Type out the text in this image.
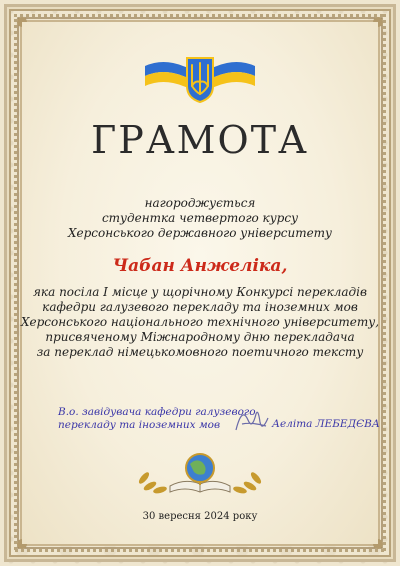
ГРАМОТА
нагороджується
студентка четвертого курсу
Херсонського державного університету
Чабан Анжеліка,
яка посіла І місце у щорічному Конкурсі перекладів
кафедри галузевого перекладу та іноземних мов
Херсонського національного технічного університету,
присвяченому Міжнародному дню перекладача
за переклад німецькомовного поетичного тексту
В.о. завідувача кафедри галузевого
перекладу та іноземних мов	Аеліта ЛЕБЕДЄВА
30 вересня 2024 року
